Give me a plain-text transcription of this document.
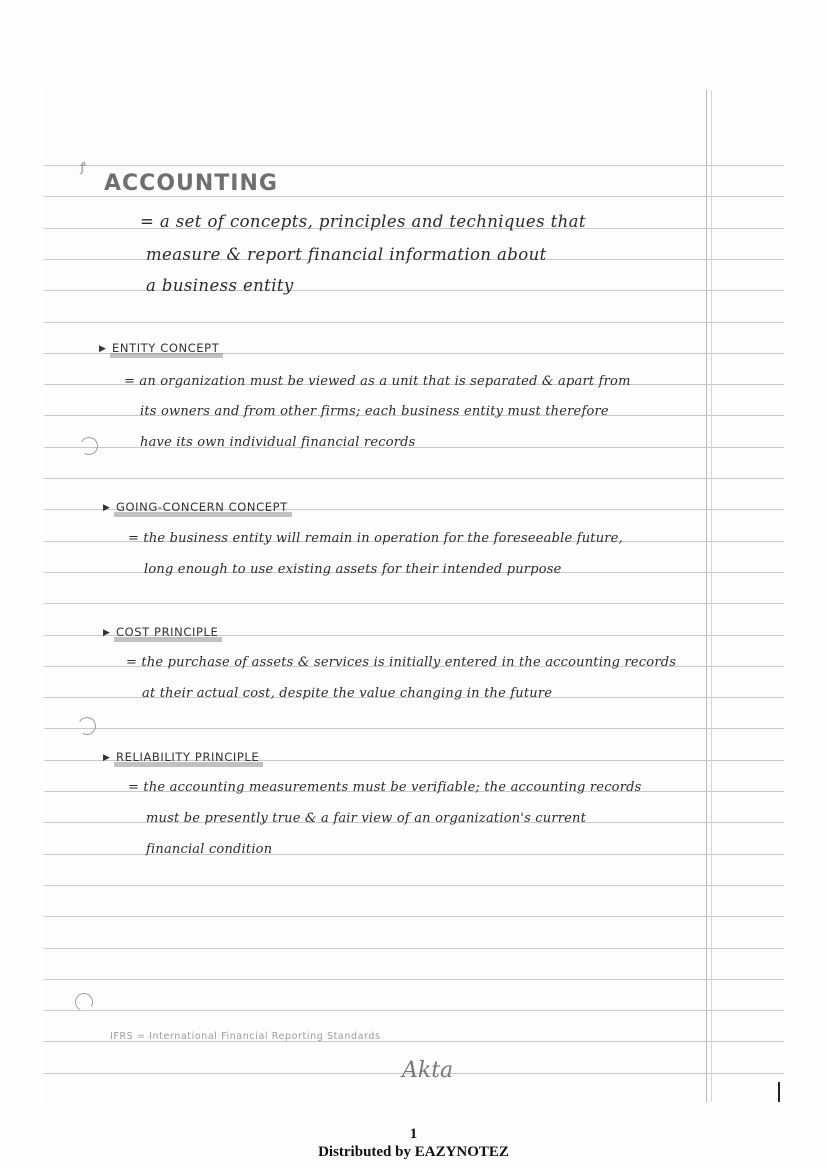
ꝭ
ACCOUNTING
= a set of concepts, principles and techniques that
measure & report financial information about
a business entity
▶ ENTITY CONCEPT
= an organization must be viewed as a unit that is separated & apart from
its owners and from other firms; each business entity must therefore
have its own individual financial records
▶ GOING-CONCERN CONCEPT
= the business entity will remain in operation for the foreseeable future,
long enough to use existing assets for their intended purpose
▶ COST PRINCIPLE
= the purchase of assets & services is initially entered in the accounting records
at their actual cost, despite the value changing in the future
▶ RELIABILITY PRINCIPLE
= the accounting measurements must be verifiable; the accounting records
must be presently true & a fair view of an organization's current
financial condition
IFRS = International Financial Reporting Standards
Akta
1
Distributed by EAZYNOTEZ
